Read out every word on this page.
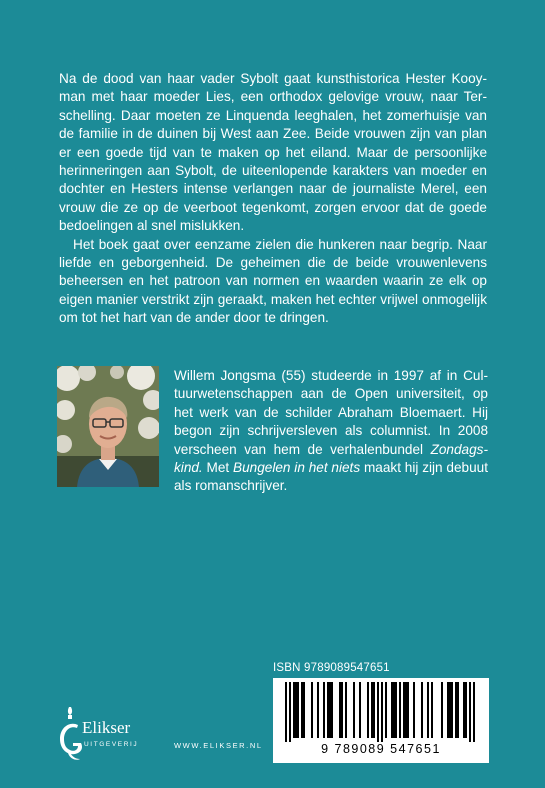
Na de dood van haar vader Sybolt gaat kunsthistorica Hester Kooyman met haar moeder Lies, een orthodox gelovige vrouw, naar Terschelling. Daar moeten ze Linquenda leeghalen, het zomerhuisje van de familie in de duinen bij West aan Zee. Beide vrouwen zijn van plan er een goede tijd van te maken op het eiland. Maar de persoonlijke herinneringen aan Sybolt, de uiteenlopende karakters van moeder en dochter en Hesters intense verlangen naar de journaliste Merel, een vrouw die ze op de veerboot tegenkomt, zorgen ervoor dat de goede bedoelingen al snel mislukken.

Het boek gaat over eenzame zielen die hunkeren naar begrip. Naar liefde en geborgenheid. De geheimen die de beide vrouwenlevens beheersen en het patroon van normen en waarden waarin ze elk op eigen manier verstrikt zijn geraakt, maken het echter vrijwel onmogelijk om tot het hart van de ander door te dringen.

Willem Jongsma (55) studeerde in 1997 af in Cultuurwetenschappen aan de Open universiteit, op het werk van de schilder Abraham Bloemaert. Hij begon zijn schrijversleven als columnist. In 2008 verscheen van hem de verhalenbundel Zondagskind. Met Bungelen in het niets maakt hij zijn debuut als romanschrijver.

ISBN 9789089547651
9 789089 547651
Elikser
UITGEVERIJ	WWW.ELIKSER.NL
